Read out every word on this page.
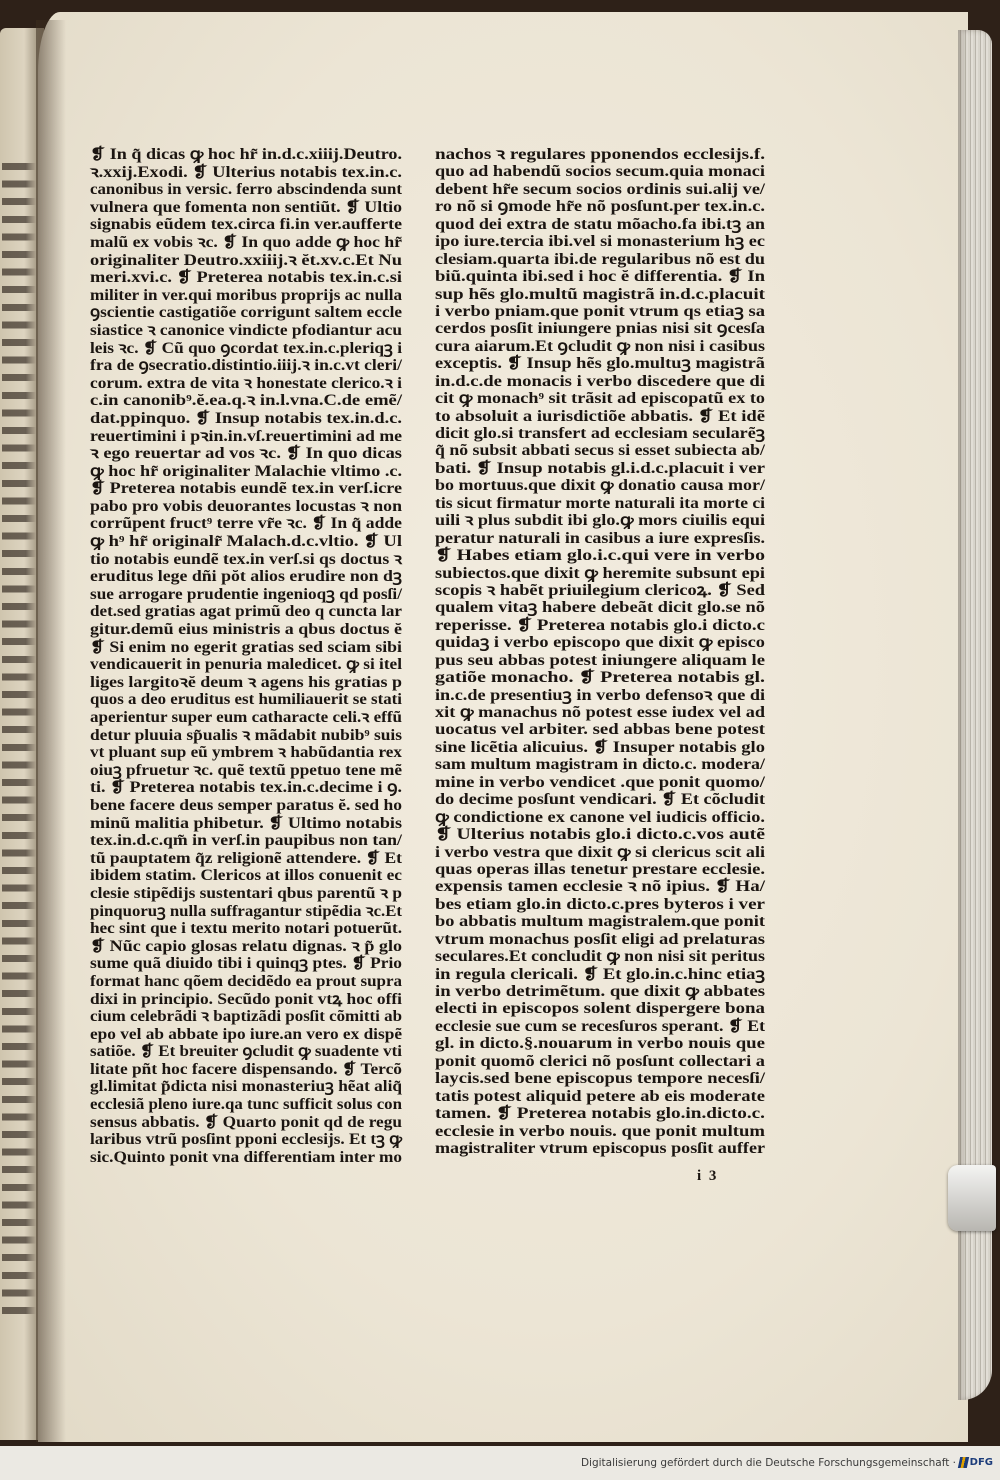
❡ In q̃ dicas ꝙ hoc hr̃ in.d.c.xiiij.Deutro.
ꝛ.xxij.Exodi. ❡ Ulterius notabis tex.in.c.
canonibus in versic. ferro abscindenda sunt
vulnera que fomenta non sentiũt. ❡ Ultio
signabis eũdem tex.circa fi.in ver.aufferte
malũ ex vobis ꝛc. ❡ In quo adde ꝙ hoc hr̃
originaliter Deutro.xxiiij.ꝛ ĕt.xv.c.Et Nu
meri.xvi.c. ❡ Preterea notabis tex.in.c.si
militer in ver.qui moribus proprijs ac nulla
ꝯscientie castigatiõe corrigunt saltem eccle
siastice ꝛ canonice vindicte pfodiantur acu
leis ꝛc. ❡ Cũ quo ꝯcordat tex.in.c.pleriqꝫ i
fra de ꝯsecratio.distintio.iiij.ꝛ in.c.vt cleri/
corum. extra de vita ꝛ honestate clerico.ꝛ i
c.in canonib⁹.ĕ.ea.q.ꝛ in.l.vna.C.de emẽ/
dat.ppinquo. ❡ Insup notabis tex.in.d.c.
reuertimini i pꝛin.in.vſ.reuertimini ad me
ꝛ ego reuertar ad vos ꝛc. ❡ In quo dicas
ꝙ hoc hr̃ originaliter Malachie vltimo .c.
❡ Preterea notabis eundẽ tex.in verſ.icre
pabo pro vobis deuorantes locustas ꝛ non
corrũpent fruct⁹ terre vr̃e ꝛc. ❡ In q̃ adde
ꝙ h⁹ hr̃ originalr̃ Malach.d.c.vltio. ❡ Ul
tio notabis eundẽ tex.in verſ.si qs doctus ꝛ
eruditus lege dñi pŏt alios erudire non dꝫ
sue arrogare prudentie ingenioqꝫ qd posſi/
det.sed gratias agat primũ deo q cuncta lar
gitur.demũ eius ministris a qbus doctus ĕ
❡ Si enim no egerit gratias sed sciam sibi
vendicauerit in penuria maledicet. ꝙ si itel
liges largitoꝛĕ deum ꝛ agens his gratias p
quos a deo eruditus est humiliauerit se stati
aperientur super eum catharacte celi.ꝛ effũ
detur pluuia sp̃ualis ꝛ mãdabit nubib⁹ suis
vt pluant sup eũ ymbrem ꝛ habũdantia rex
oiuꝫ pfruetur ꝛc. quẽ textũ ppetuo tene mẽ
ti. ❡ Preterea notabis tex.in.c.decime i ꝯ.
bene facere deus semper paratus ĕ. sed ho
minũ malitia phibetur. ❡ Ultimo notabis
tex.in.d.c.qm̃ in verſ.in paupibus non tan/
tũ pauptatem q̃z religionẽ attendere. ❡ Et
ibidem statim. Clericos at illos conuenit ec
clesie stipẽdijs sustentari qbus parentũ ꝛ p
pinquoruꝫ nulla suffragantur stipẽdia ꝛc.Et
hec sint que i textu merito notari potuerũt.
❡ Nũc capio glosas relatu dignas. ꝛ p̃ glo
sume quã diuido tibi i quinqꝫ ptes. ❡ Prio
format hanc qõem decidẽdo ea prout supra
dixi in principio. Secũdo ponit vtꝝ hoc offi
cium celebrãdi ꝛ baptizãdi posſit cõmitti ab
epo vel ab abbate ipo iure.an vero ex dispẽ
satiõe. ❡ Et breuiter ꝯcludit ꝙ suadente vti
litate pñt hoc facere dispensando. ❡ Tercõ
gl.limitat p̃dicta nisi monasteriuꝫ hẽat aliq̃
ecclesiã pleno iure.qa tunc sufficit solus con
sensus abbatis. ❡ Quarto ponit qd de regu
laribus vtrũ posſint pponi ecclesijs. Et tꝫ ꝙ
sic.Quinto ponit vna differentiam inter mo
nachos ꝛ regulares pponendos ecclesijs.f.
quo ad habendũ socios secum.quia monaci
debent hr̃e secum socios ordinis sui.alij ve/
ro nõ si ꝯmode hr̃e nõ posſunt.per tex.in.c.
quod dei extra de statu mõacho.fa ibi.tꝫ an
ipo iure.tercia ibi.vel si monasterium hꝫ ec
clesiam.quarta ibi.de regularibus nõ est du
biũ.quinta ibi.sed i hoc ĕ differentia. ❡ In
sup hẽs glo.multũ magistrã in.d.c.placuit
i verbo pniam.que ponit vtrum qs etiaꝫ sa
cerdos posſit iniungere pnias nisi sit ꝯcesſa
cura aiarum.Et ꝯcludit ꝙ non nisi i casibus
exceptis. ❡ Insup hẽs glo.multuꝫ magistrã
in.d.c.de monacis i verbo discedere que di
cit ꝙ monach⁹ sit trãsit ad episcopatũ ex to
to absoluit a iurisdictiõe abbatis. ❡ Et idẽ
dicit glo.si transfert ad ecclesiam secularẽꝫ
q̃ nõ subsit abbati secus si esset subiecta ab/
bati. ❡ Insup notabis gl.i.d.c.placuit i ver
bo mortuus.que dixit ꝙ donatio causa mor/
tis sicut firmatur morte naturali ita morte ci
uili ꝛ plus subdit ibi glo.ꝙ mors ciuilis equi
peratur naturali in casibus a iure expresſis.
❡ Habes etiam glo.i.c.qui vere in verbo
subiectos.que dixit ꝙ heremite subsunt epi
scopis ꝛ habẽt priuilegium clericoꝝ. ❡ Sed
qualem vitaꝫ habere debeãt dicit glo.se nõ
reperisse. ❡ Preterea notabis glo.i dicto.c
quidaꝫ i verbo episcopo que dixit ꝙ episco
pus seu abbas potest iniungere aliquam le
gatiõe monacho. ❡ Preterea notabis gl.
in.c.de presentiuꝫ in verbo defensoꝛ que di
xit ꝙ manachus nõ potest esse iudex vel ad
uocatus vel arbiter. sed abbas bene potest
sine licẽtia alicuius. ❡ Insuper notabis glo
sam multum magistram in dicto.c. modera/
mine in verbo vendicet .que ponit quomo/
do decime posſunt vendicari. ❡ Et cõcludit
ꝙ condictione ex canone vel iudicis officio.
❡ Ulterius notabis glo.i dicto.c.vos autẽ
i verbo vestra que dixit ꝙ si clericus scit ali
quas operas illas tenetur prestare ecclesie.
expensis tamen ecclesie ꝛ nõ ipius. ❡ Ha/
bes etiam glo.in dicto.c.pres byteros i ver
bo abbatis multum magistralem.que ponit
vtrum monachus posſit eligi ad prelaturas
seculares.Et concludit ꝙ non nisi sit peritus
in regula clericali. ❡ Et glo.in.c.hinc etiaꝫ
in verbo detrimẽtum. que dixit ꝙ abbates
electi in episcopos solent dispergere bona
ecclesie sue cum se recesſuros sperant. ❡ Et
gl. in dicto.§.nouarum in verbo nouis que
ponit quomõ clerici nõ posſunt collectari a
laycis.sed bene episcopus tempore necesſi/
tatis potest aliquid petere ab eis moderate
tamen. ❡ Preterea notabis glo.in.dicto.c.
ecclesie in verbo nouis. que ponit multum
magistraliter vtrum episcopus posſit auffer
i 3
Digitalisierung gefördert durch die Deutsche Forschungsgemeinschaft · DFG
